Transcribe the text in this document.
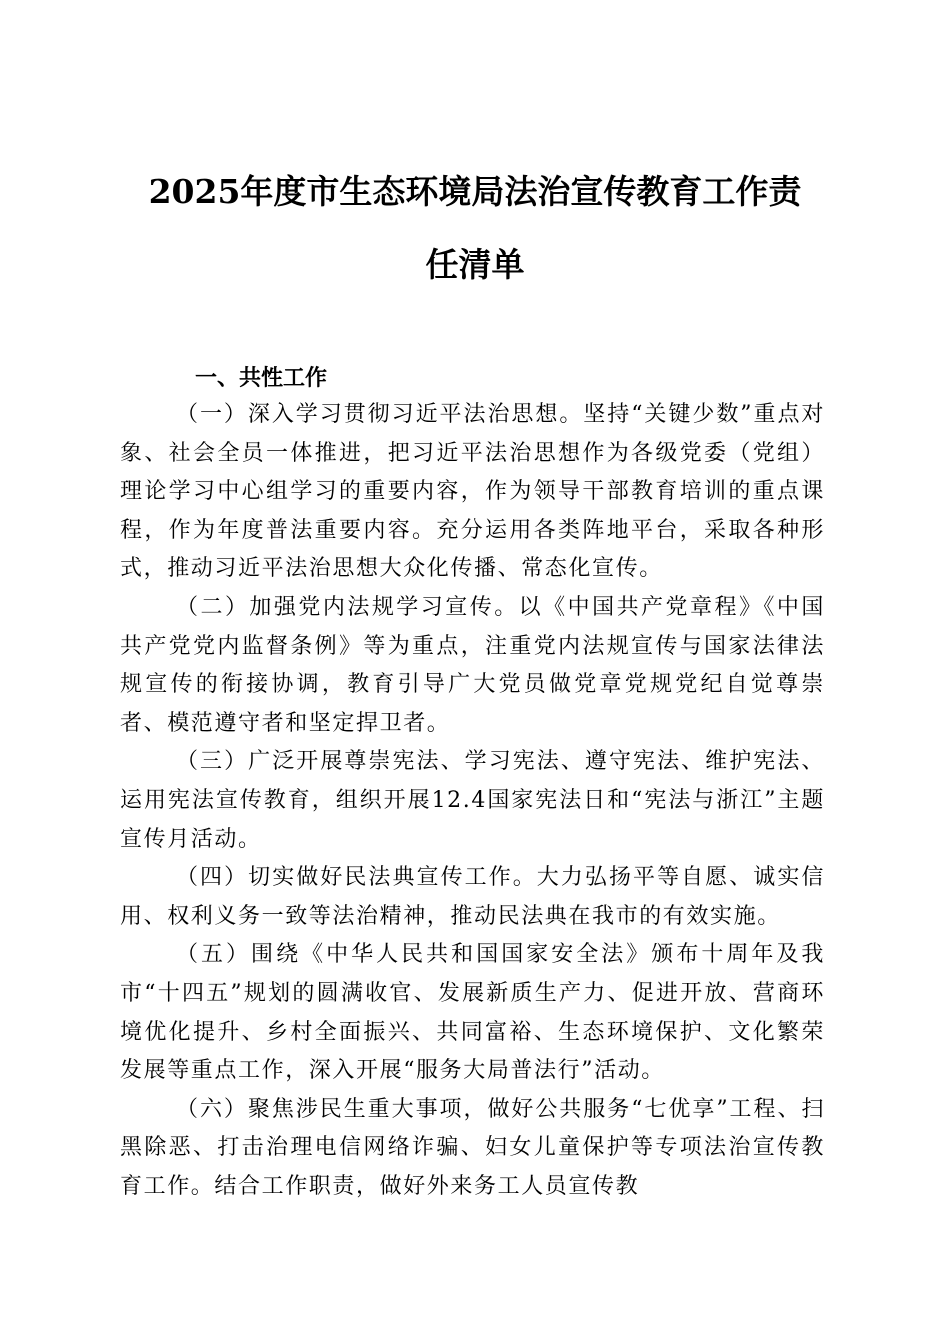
2025年度市生态环境局法治宣传教育工作责
任清单
一、共性工作

（一）深入学习贯彻习近平法治思想。坚持“关键少数”重点对象、社会全员一体推进，把习近平法治思想作为各级党委（党组）理论学习中心组学习的重要内容，作为领导干部教育培训的重点课程，作为年度普法重要内容。充分运用各类阵地平台，采取各种形式，推动习近平法治思想大众化传播、常态化宣传。

（二）加强党内法规学习宣传。以《中国共产党章程》《中国共产党党内监督条例》等为重点，注重党内法规宣传与国家法律法规宣传的衔接协调，教育引导广大党员做党章党规党纪自觉尊崇者、模范遵守者和坚定捍卫者。

（三）广泛开展尊崇宪法、学习宪法、遵守宪法、维护宪法、运用宪法宣传教育，组织开展12.4国家宪法日和“宪法与浙江”主题宣传月活动。

（四）切实做好民法典宣传工作。大力弘扬平等自愿、诚实信用、权利义务一致等法治精神，推动民法典在我市的有效实施。

（五）围绕《中华人民共和国国家安全法》颁布十周年及我市“十四五”规划的圆满收官、发展新质生产力、促进开放、营商环境优化提升、乡村全面振兴、共同富裕、生态环境保护、文化繁荣发展等重点工作，深入开展“服务大局普法行”活动。

（六）聚焦涉民生重大事项，做好公共服务“七优享”工程、扫黑除恶、打击治理电信网络诈骗、妇女儿童保护等专项法治宣传教育工作。结合工作职责，做好外来务工人员宣传教
